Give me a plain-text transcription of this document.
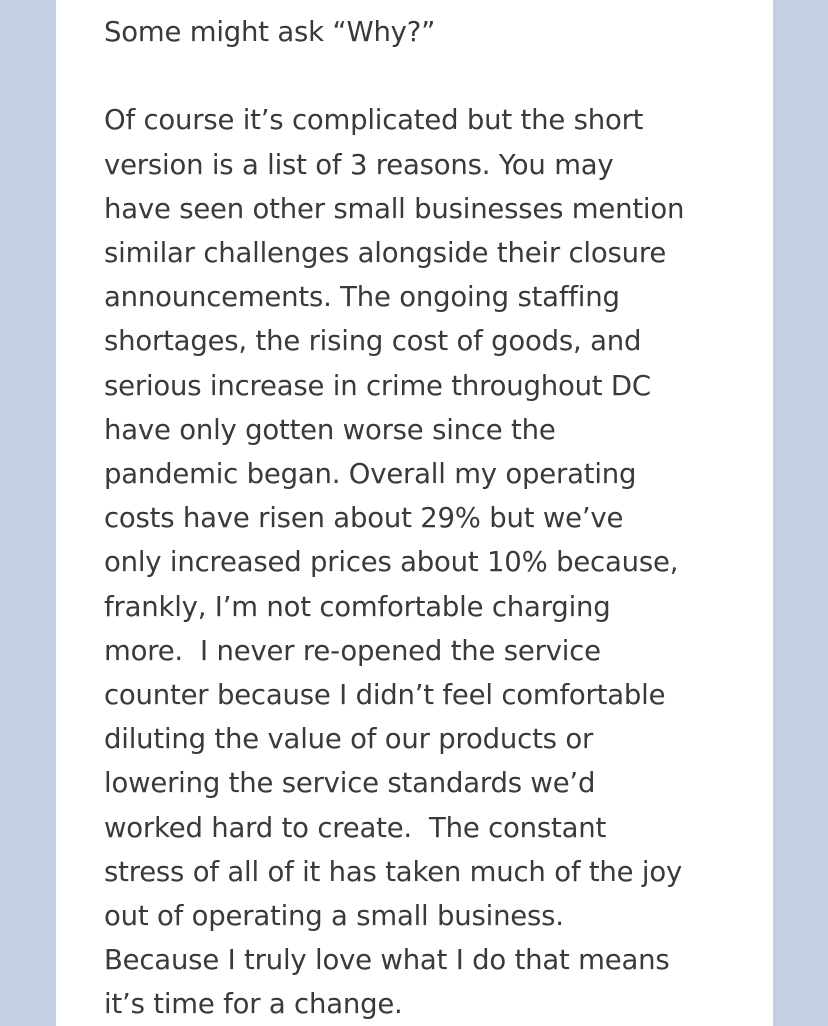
Some might ask “Why?”
Of course it’s complicated but the short
version is a list of 3 reasons. You may
have seen other small businesses mention
similar challenges alongside their closure
announcements. The ongoing staffing
shortages, the rising cost of goods, and
serious increase in crime throughout DC
have only gotten worse since the
pandemic began. Overall my operating
costs have risen about 29% but we’ve
only increased prices about 10% because,
frankly, I’m not comfortable charging
more.  I never re-opened the service
counter because I didn’t feel comfortable
diluting the value of our products or
lowering the service standards we’d
worked hard to create.  The constant
stress of all of it has taken much of the joy
out of operating a small business.
Because I truly love what I do that means
it’s time for a change.
